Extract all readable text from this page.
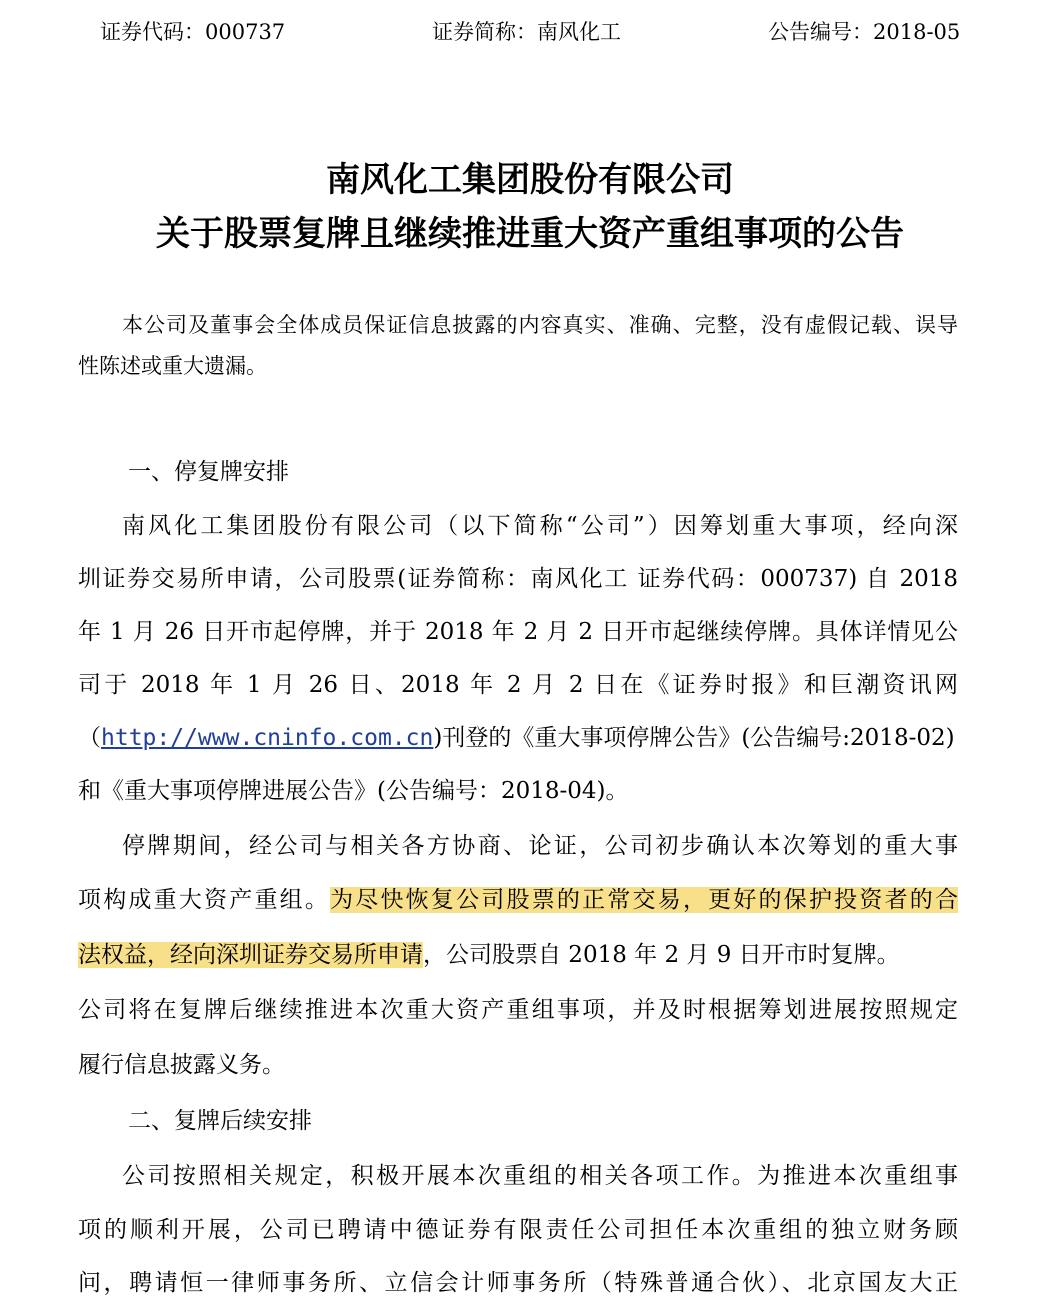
证券代码：000737	证券简称：南风化工	公告编号：2018-05
南风化工集团股份有限公司
关于股票复牌且继续推进重大资产重组事项的公告
本公司及董事会全体成员保证信息披露的内容真实、准确、完整，没有虚假记载、误导
性陈述或重大遗漏。
一、停复牌安排
南风化工集团股份有限公司（以下简称“公司”）因筹划重大事项，经向深
圳证券交易所申请，公司股票(证券简称：南风化工 证券代码：000737) 自 2018
年 1 月 26 日开市起停牌，并于 2018 年 2 月 2 日开市起继续停牌。具体详情见公
司于 2018 年 1 月 26 日、2018 年 2 月 2 日在《证券时报》和巨潮资讯网
（http://www.cninfo.com.cn)刊登的《重大事项停牌公告》(公告编号:2018-02)
和《重大事项停牌进展公告》(公告编号：2018-04)。
停牌期间，经公司与相关各方协商、论证，公司初步确认本次筹划的重大事
项构成重大资产重组。为尽快恢复公司股票的正常交易，更好的保护投资者的合
法权益，经向深圳证券交易所申请，公司股票自 2018 年 2 月 9 日开市时复牌。
公司将在复牌后继续推进本次重大资产重组事项，并及时根据筹划进展按照规定
履行信息披露义务。
二、复牌后续安排
公司按照相关规定，积极开展本次重组的相关各项工作。为推进本次重组事
项的顺利开展，公司已聘请中德证券有限责任公司担任本次重组的独立财务顾
问，聘请恒一律师事务所、立信会计师事务所（特殊普通合伙）、北京国友大正
